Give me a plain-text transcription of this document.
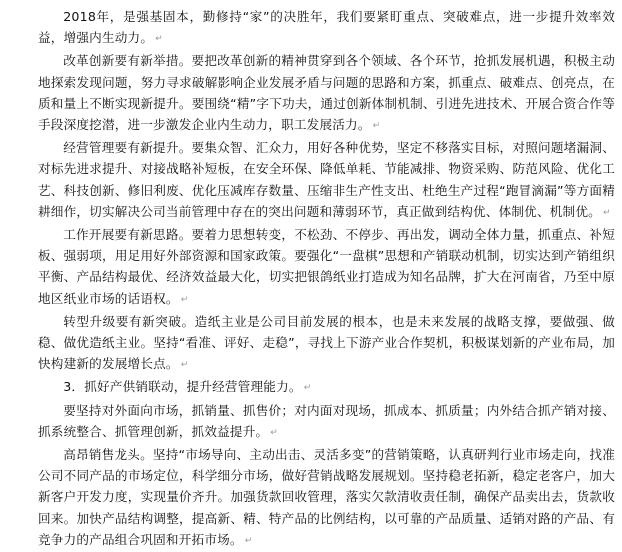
2018年，是强基固本，勤修持“家”的决胜年，我们要紧盯重点、突破难点，进一步提升效率效益，增强内生动力。 ↵

改革创新要有新举措。要把改革创新的精神贯穿到各个领域、各个环节，抢抓发展机遇，积极主动地探索发现问题，努力寻求破解影响企业发展矛盾与问题的思路和方案，抓重点、破难点、创亮点，在质和量上不断实现新提升。要围绕“精”字下功夫，通过创新体制机制、引进先进技术、开展合资合作等手段深度挖潜，进一步激发企业内生动力，职工发展活力。 ↵

经营管理要有新提升。要集众智、汇众力，用好各种优势，坚定不移落实目标，对照问题堵漏洞、对标先进求提升、对接战略补短板，在安全环保、降低单耗、节能减排、物资采购、防范风险、优化工艺、科技创新、修旧利废、优化压减库存数量、压缩非生产性支出、杜绝生产过程“跑冒滴漏”等方面精耕细作，切实解决公司当前管理中存在的突出问题和薄弱环节，真正做到结构优、体制优、机制优。 ↵

工作开展要有新思路。要着力思想转变，不松劲、不停步、再出发，调动全体力量，抓重点、补短板、强弱项，用足用好外部资源和国家政策。要强化“一盘棋”思想和产销联动机制，切实达到产销组织平衡、产品结构最优、经济效益最大化，切实把银鸽纸业打造成为知名品牌，扩大在河南省，乃至中原地区纸业市场的话语权。 ↵

转型升级要有新突破。造纸主业是公司目前发展的根本，也是未来发展的战略支撑，要做强、做稳、做优造纸主业。坚持“看准、评好、走稳”，寻找上下游产业合作契机，积极谋划新的产业布局，加快构建新的发展增长点。 ↵

3．抓好产供销联动，提升经营管理能力。 ↵

要坚持对外面向市场，抓销量、抓售价；对内面对现场，抓成本、抓质量；内外结合抓产销对接、抓系统整合、抓管理创新，抓效益提升。 ↵

高昂销售龙头。坚持“市场导向、主动出击、灵活多变”的营销策略，认真研判行业市场走向，找准公司不同产品的市场定位，科学细分市场，做好营销战略发展规划。坚持稳老拓新，稳定老客户，加大新客户开发力度，实现量价齐升。加强货款回收管理，落实欠款清收责任制，确保产品卖出去，货款收回来。加快产品结构调整，提高新、精、特产品的比例结构，以可靠的产品质量、适销对路的产品、有竞争力的产品组合巩固和开拓市场。 ↵
